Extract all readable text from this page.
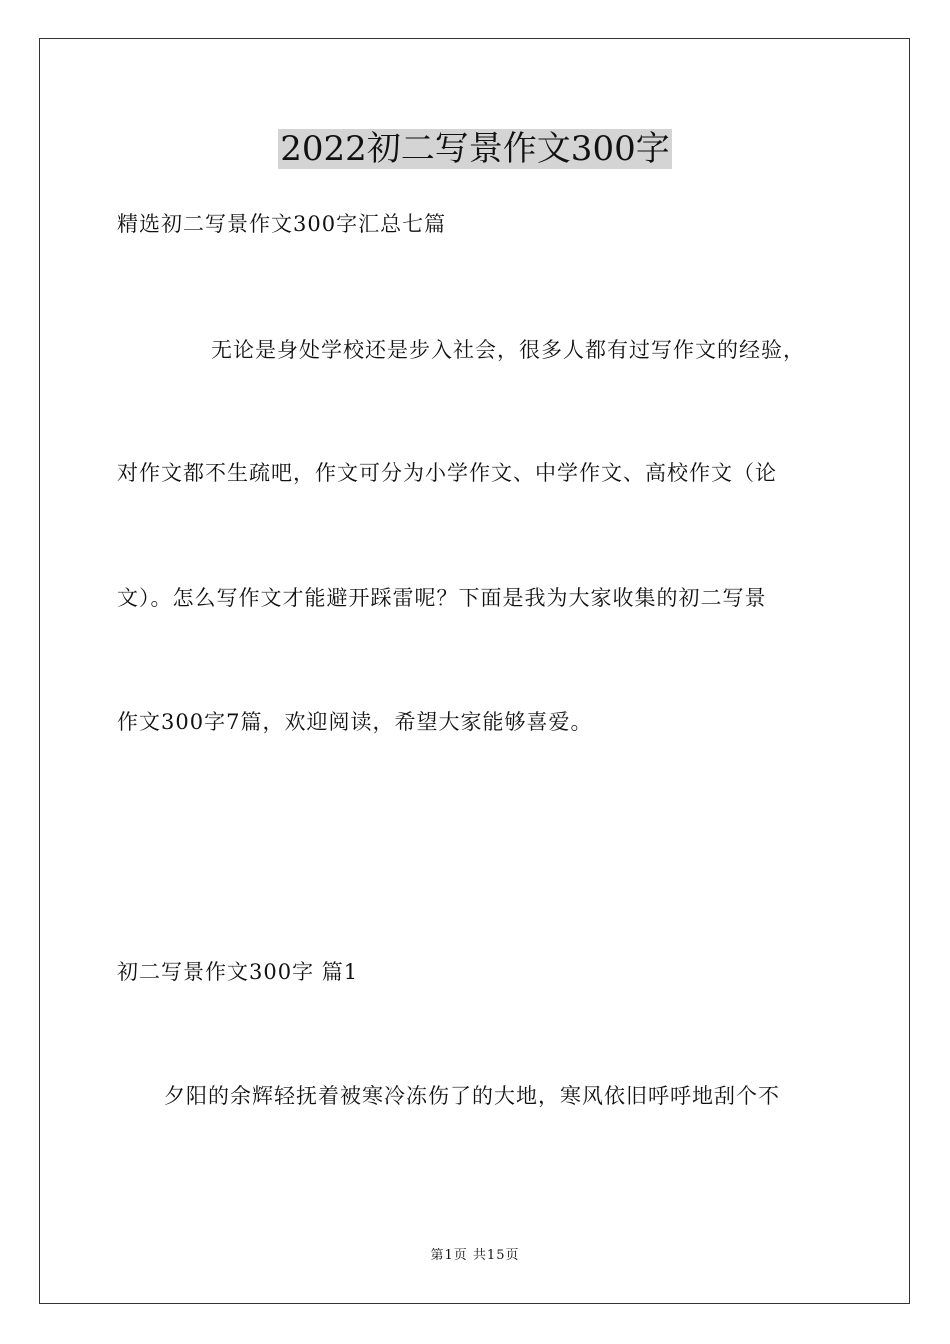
2022初二写景作文300字
精选初二写景作文300字汇总七篇
无论是身处学校还是步入社会，很多人都有过写作文的经验，
对作文都不生疏吧，作文可分为小学作文、中学作文、高校作文（论
文）。怎么写作文才能避开踩雷呢？下面是我为大家收集的初二写景
作文300字7篇，欢迎阅读，希望大家能够喜爱。
初二写景作文300字 篇1
夕阳的余辉轻抚着被寒冷冻伤了的大地，寒风依旧呼呼地刮个不
第1页 共15页
